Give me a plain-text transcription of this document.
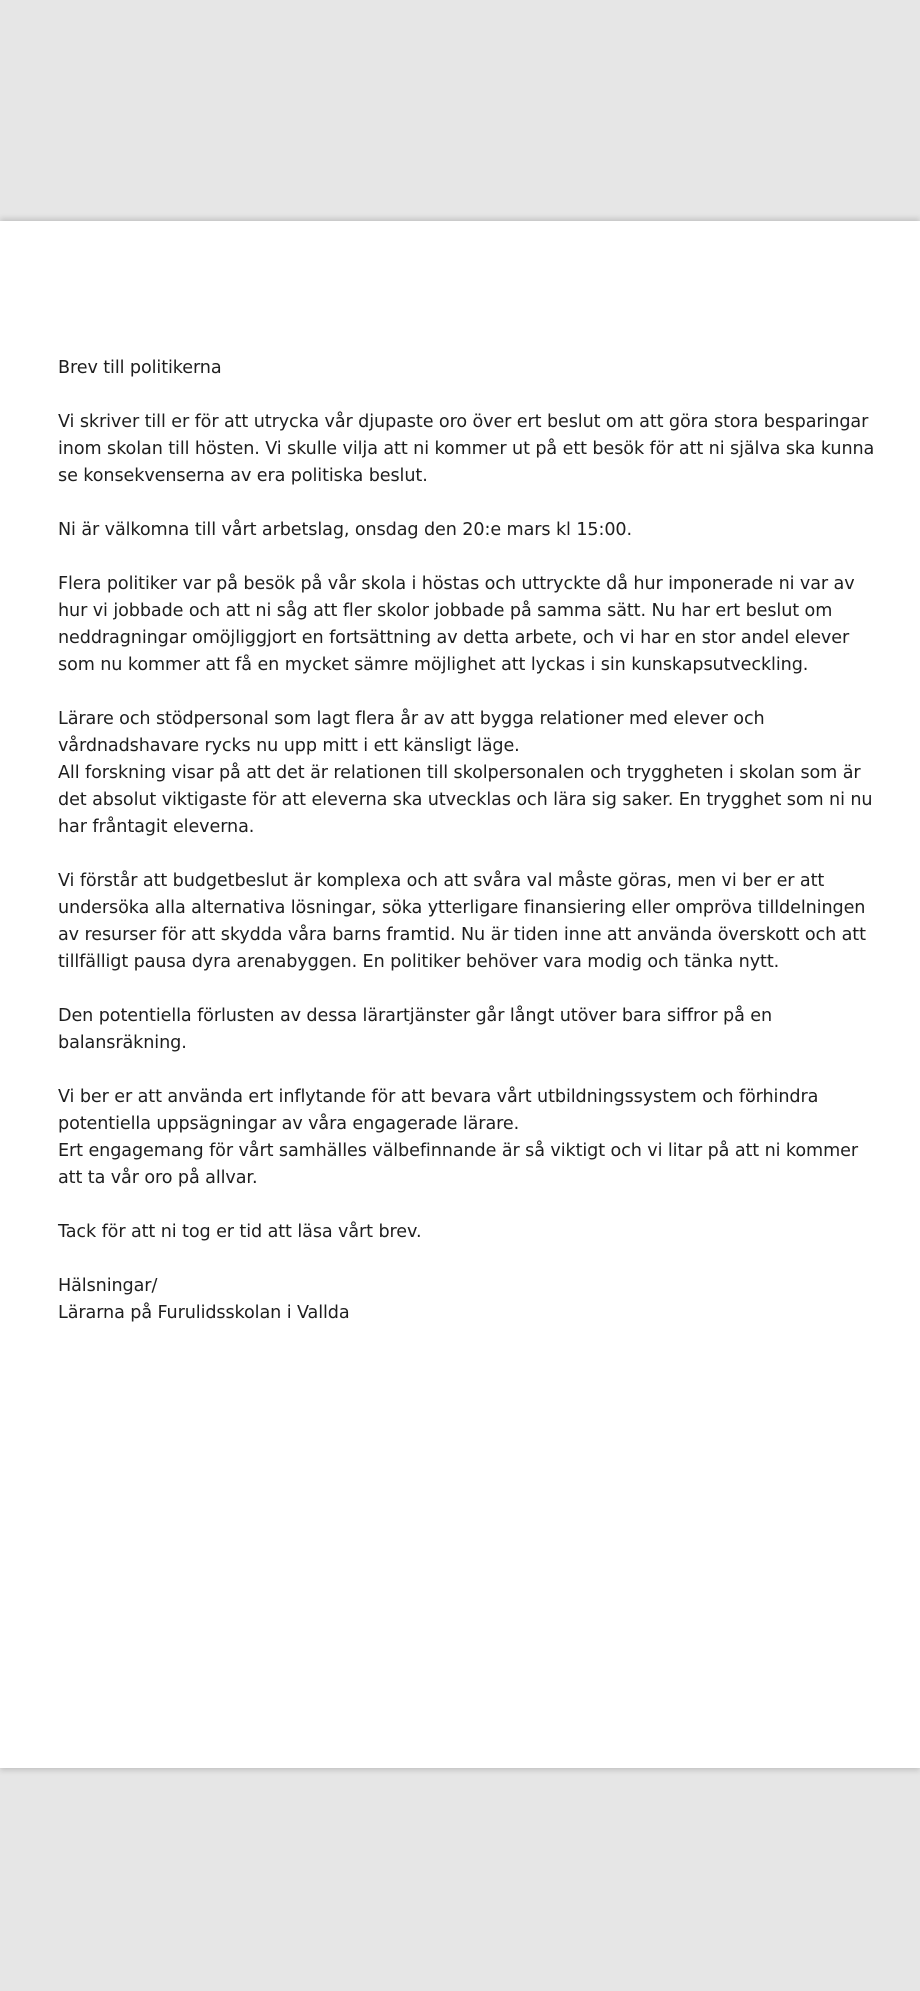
Brev till politikerna

Vi skriver till er för att utrycka vår djupaste oro över ert beslut om att göra stora besparingar
inom skolan till hösten. Vi skulle vilja att ni kommer ut på ett besök för att ni själva ska kunna
se konsekvenserna av era politiska beslut.

Ni är välkomna till vårt arbetslag, onsdag den 20:e mars kl 15:00.

Flera politiker var på besök på vår skola i höstas och uttryckte då hur imponerade ni var av
hur vi jobbade och att ni såg att fler skolor jobbade på samma sätt. Nu har ert beslut om
neddragningar omöjliggjort en fortsättning av detta arbete, och vi har en stor andel elever
som nu kommer att få en mycket sämre möjlighet att lyckas i sin kunskapsutveckling.

Lärare och stödpersonal som lagt flera år av att bygga relationer med elever och
vårdnadshavare rycks nu upp mitt i ett känsligt läge.
All forskning visar på att det är relationen till skolpersonalen och tryggheten i skolan som är
det absolut viktigaste för att eleverna ska utvecklas och lära sig saker. En trygghet som ni nu
har fråntagit eleverna.

Vi förstår att budgetbeslut är komplexa och att svåra val måste göras, men vi ber er att
undersöka alla alternativa lösningar, söka ytterligare finansiering eller ompröva tilldelningen
av resurser för att skydda våra barns framtid. Nu är tiden inne att använda överskott och att
tillfälligt pausa dyra arenabyggen. En politiker behöver vara modig och tänka nytt.

Den potentiella förlusten av dessa lärartjänster går långt utöver bara siffror på en
balansräkning.

Vi ber er att använda ert inflytande för att bevara vårt utbildningssystem och förhindra
potentiella uppsägningar av våra engagerade lärare.
Ert engagemang för vårt samhälles välbefinnande är så viktigt och vi litar på att ni kommer
att ta vår oro på allvar.

Tack för att ni tog er tid att läsa vårt brev.

Hälsningar/

Lärarna på Furulidsskolan i Vallda
